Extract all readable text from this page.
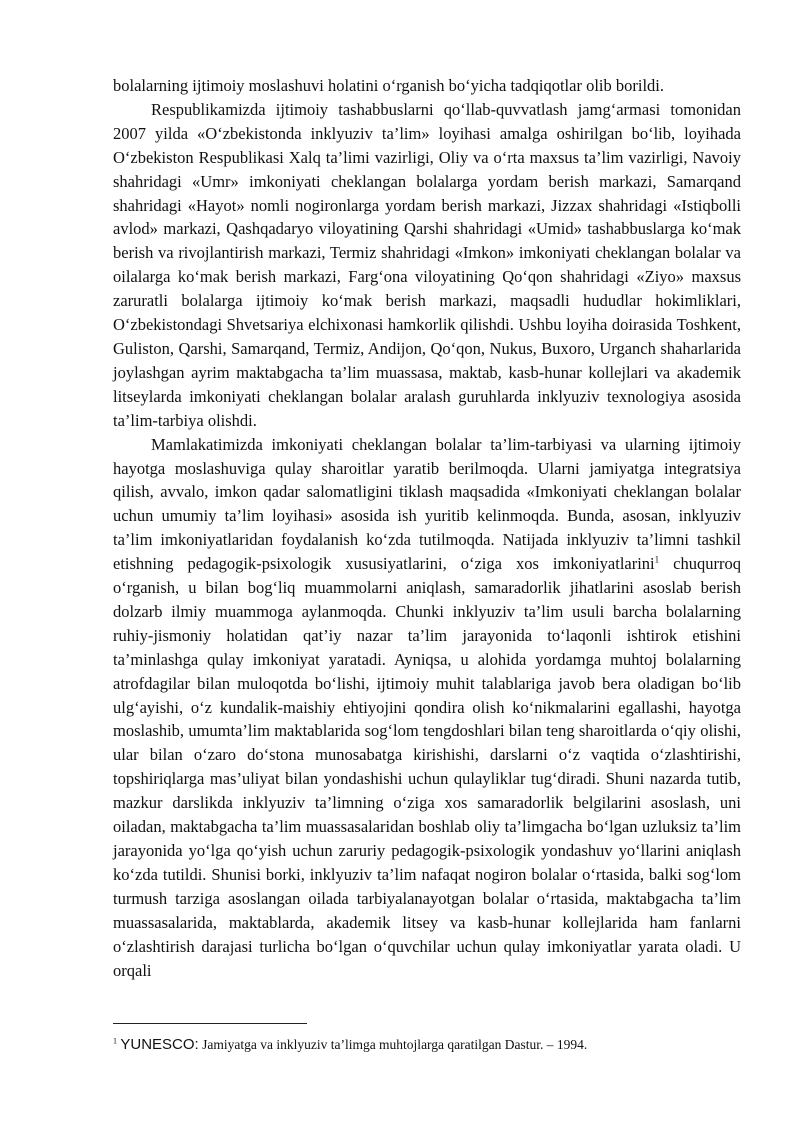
bolalarning ijtimoiy moslashuvi holatini o‘rganish bo‘yicha tadqiqotlar olib borildi.

Respublikamizda ijtimoiy tashabbuslarni qo‘llab-quvvatlash jamg‘armasi tomonidan 2007 yilda «O‘zbekistonda inklyuziv ta’lim» loyihasi amalga oshirilgan bo‘lib, loyihada O‘zbekiston Respublikasi Xalq ta’limi vazirligi, Oliy va o‘rta maxsus ta’lim vazirligi, Navoiy shahridagi «Umr» imkoniyati cheklangan bolalarga yordam berish markazi, Samarqand shahridagi «Hayot» nomli nogironlarga yordam berish markazi, Jizzax shahridagi «Istiqbolli avlod» markazi, Qashqadaryo viloyatining Qarshi shahridagi «Umid» tashabbuslarga ko‘mak berish va rivojlantirish markazi, Termiz shahridagi «Imkon» imkoniyati cheklangan bolalar va oilalarga ko‘mak berish markazi, Farg‘ona viloyatining Qo‘qon shahridagi «Ziyo» maxsus zaruratli bolalarga ijtimoiy ko‘mak berish markazi, maqsadli hududlar hokimliklari, O‘zbekistondagi Shvetsariya elchixonasi hamkorlik qilishdi. Ushbu loyiha doirasida Toshkent, Guliston, Qarshi, Samarqand, Termiz, Andijon, Qo‘qon, Nukus, Buxoro, Urganch shaharlarida joylashgan ayrim maktabgacha ta’lim muassasa, maktab, kasb-hunar kollejlari va akademik litseylarda imkoniyati cheklangan bolalar aralash guruhlarda inklyuziv texnologiya asosida ta’lim-tarbiya olishdi.

Mamlakatimizda imkoniyati cheklangan bolalar ta’lim-tarbiyasi va ularning ijtimoiy hayotga moslashuviga qulay sharoitlar yaratib berilmoqda. Ularni jamiyatga integratsiya qilish, avvalo, imkon qadar salomatligini tiklash maqsadida «Imkoniyati cheklangan bolalar uchun umumiy ta’lim loyihasi» asosida ish yuritib kelinmoqda. Bunda, asosan, inklyuziv ta’lim imkoniyatlaridan foydalanish ko‘zda tutilmoqda. Natijada inklyuziv ta’limni tashkil etishning pedagogik-psixologik xususiyatlarini, o‘ziga xos imkoniyatlarini$^1$ chuqurroq o‘rganish, u bilan bog‘liq muammolarni aniqlash, samaradorlik jihatlarini asoslab berish dolzarb ilmiy muammoga aylanmoqda. Chunki inklyuziv ta’lim usuli barcha bolalarning ruhiy-jismoniy holatidan qat’iy nazar ta’lim jarayonida to‘laqonli ishtirok etishini ta’minlashga qulay imkoniyat yaratadi. Ayniqsa, u alohida yordamga muhtoj bolalarning atrofdagilar bilan muloqotda bo‘lishi, ijtimoiy muhit talablariga javob bera oladigan bo‘lib ulg‘ayishi, o‘z kundalik-maishiy ehtiyojini qondira olish ko‘nikmalarini egallashi, hayotga moslashib, umumta’lim maktablarida sog‘lom tengdoshlari bilan teng sharoitlarda o‘qiy olishi, ular bilan o‘zaro do‘stona munosabatga kirishishi, darslarni o‘z vaqtida o‘zlashtirishi, topshiriqlarga mas’uliyat bilan yondashishi uchun qulayliklar tug‘diradi. Shuni nazarda tutib, mazkur darslikda inklyuziv ta’limning o‘ziga xos samaradorlik belgilarini asoslash, uni oiladan, maktabgacha ta’lim muassasalaridan boshlab oliy ta’limgacha bo‘lgan uzluksiz ta’lim jarayonida yo‘lga qo‘yish uchun zaruriy pedagogik-psixologik yondashuv yo‘llarini aniqlash ko‘zda tutildi. Shunisi borki, inklyuziv ta’lim nafaqat nogiron bolalar o‘rtasida, balki sog‘lom turmush tarziga asoslangan oilada tarbiyalanayotgan bolalar o‘rtasida, maktabgacha ta’lim muassasalarida, maktablarda, akademik litsey va kasb-hunar kollejlarida ham fanlarni o‘zlashtirish darajasi turlicha bo‘lgan o‘quvchilar uchun qulay imkoniyatlar yarata oladi. U orqali

$^1$ YUNESCO: Jamiyatga va inklyuziv ta’limga muhtojlarga qaratilgan Dastur. – 1994.
